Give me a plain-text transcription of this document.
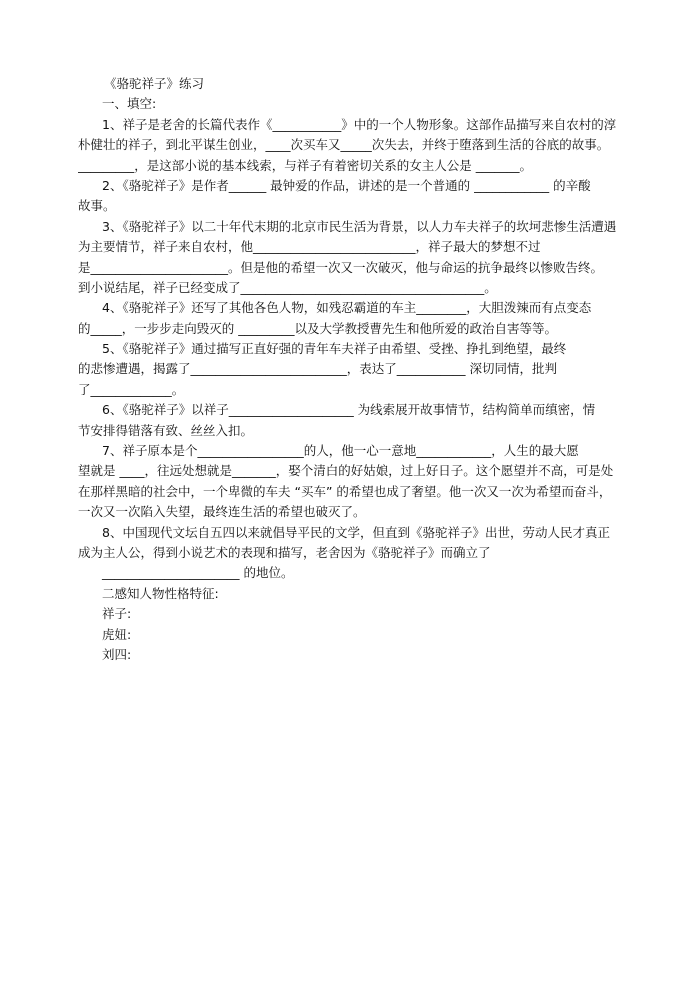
《骆驼祥子》练习
一、填空:
1、祥子是老舍的长篇代表作《___________》中的一个人物形象。这部作品描写来自农村的淳
朴健壮的祥子，到北平谋生创业，____次买车又_____次失去，并终于堕落到生活的谷底的故事。
_________，是这部小说的基本线索，与祥子有着密切关系的女主人公是 _______。
2、《骆驼祥子》是作者______ 最钟爱的作品，讲述的是一个普通的 ____________ 的辛酸
故事。
3、《骆驼祥子》以二十年代末期的北京市民生活为背景，以人力车夫祥子的坎坷悲惨生活遭遇
为主要情节，祥子来自农村，他__________________________，祥子最大的梦想不过
是______________________。但是他的希望一次又一次破灭，他与命运的抗争最终以惨败告终。
到小说结尾，祥子已经变成了_______________________________________。
4、《骆驼祥子》还写了其他各色人物，如残忍霸道的车主________，大胆泼辣而有点变态
的_____，一步步走向毁灭的 _________以及大学教授曹先生和他所爱的政治自害等等。
5、《骆驼祥子》通过描写正直好强的青年车夫祥子由希望、受挫、挣扎到绝望，最终
的悲惨遭遇，揭露了_________________________，表达了___________ 深切同情，批判
了_____________。
6、《骆驼祥子》以祥子____________________ 为线索展开故事情节，结构简单而缜密，情
节安排得错落有致、丝丝入扣。
7、祥子原本是个_________________的人，他一心一意地____________，人生的最大愿
望就是 ____，往远处想就是_______，娶个清白的好姑娘，过上好日子。这个愿望并不高，可是处
在那样黑暗的社会中，一个卑微的车夫 “买车” 的希望也成了奢望。他一次又一次为希望而奋斗，
一次又一次陷入失望，最终连生活的希望也破灭了。
8、中国现代文坛自五四以来就倡导平民的文学，但直到《骆驼祥子》出世，劳动人民才真正
成为主人公，得到小说艺术的表现和描写，老舍因为《骆驼祥子》而确立了
______________________ 的地位。
二感知人物性格特征:
祥子:
虎妞:
刘四:
